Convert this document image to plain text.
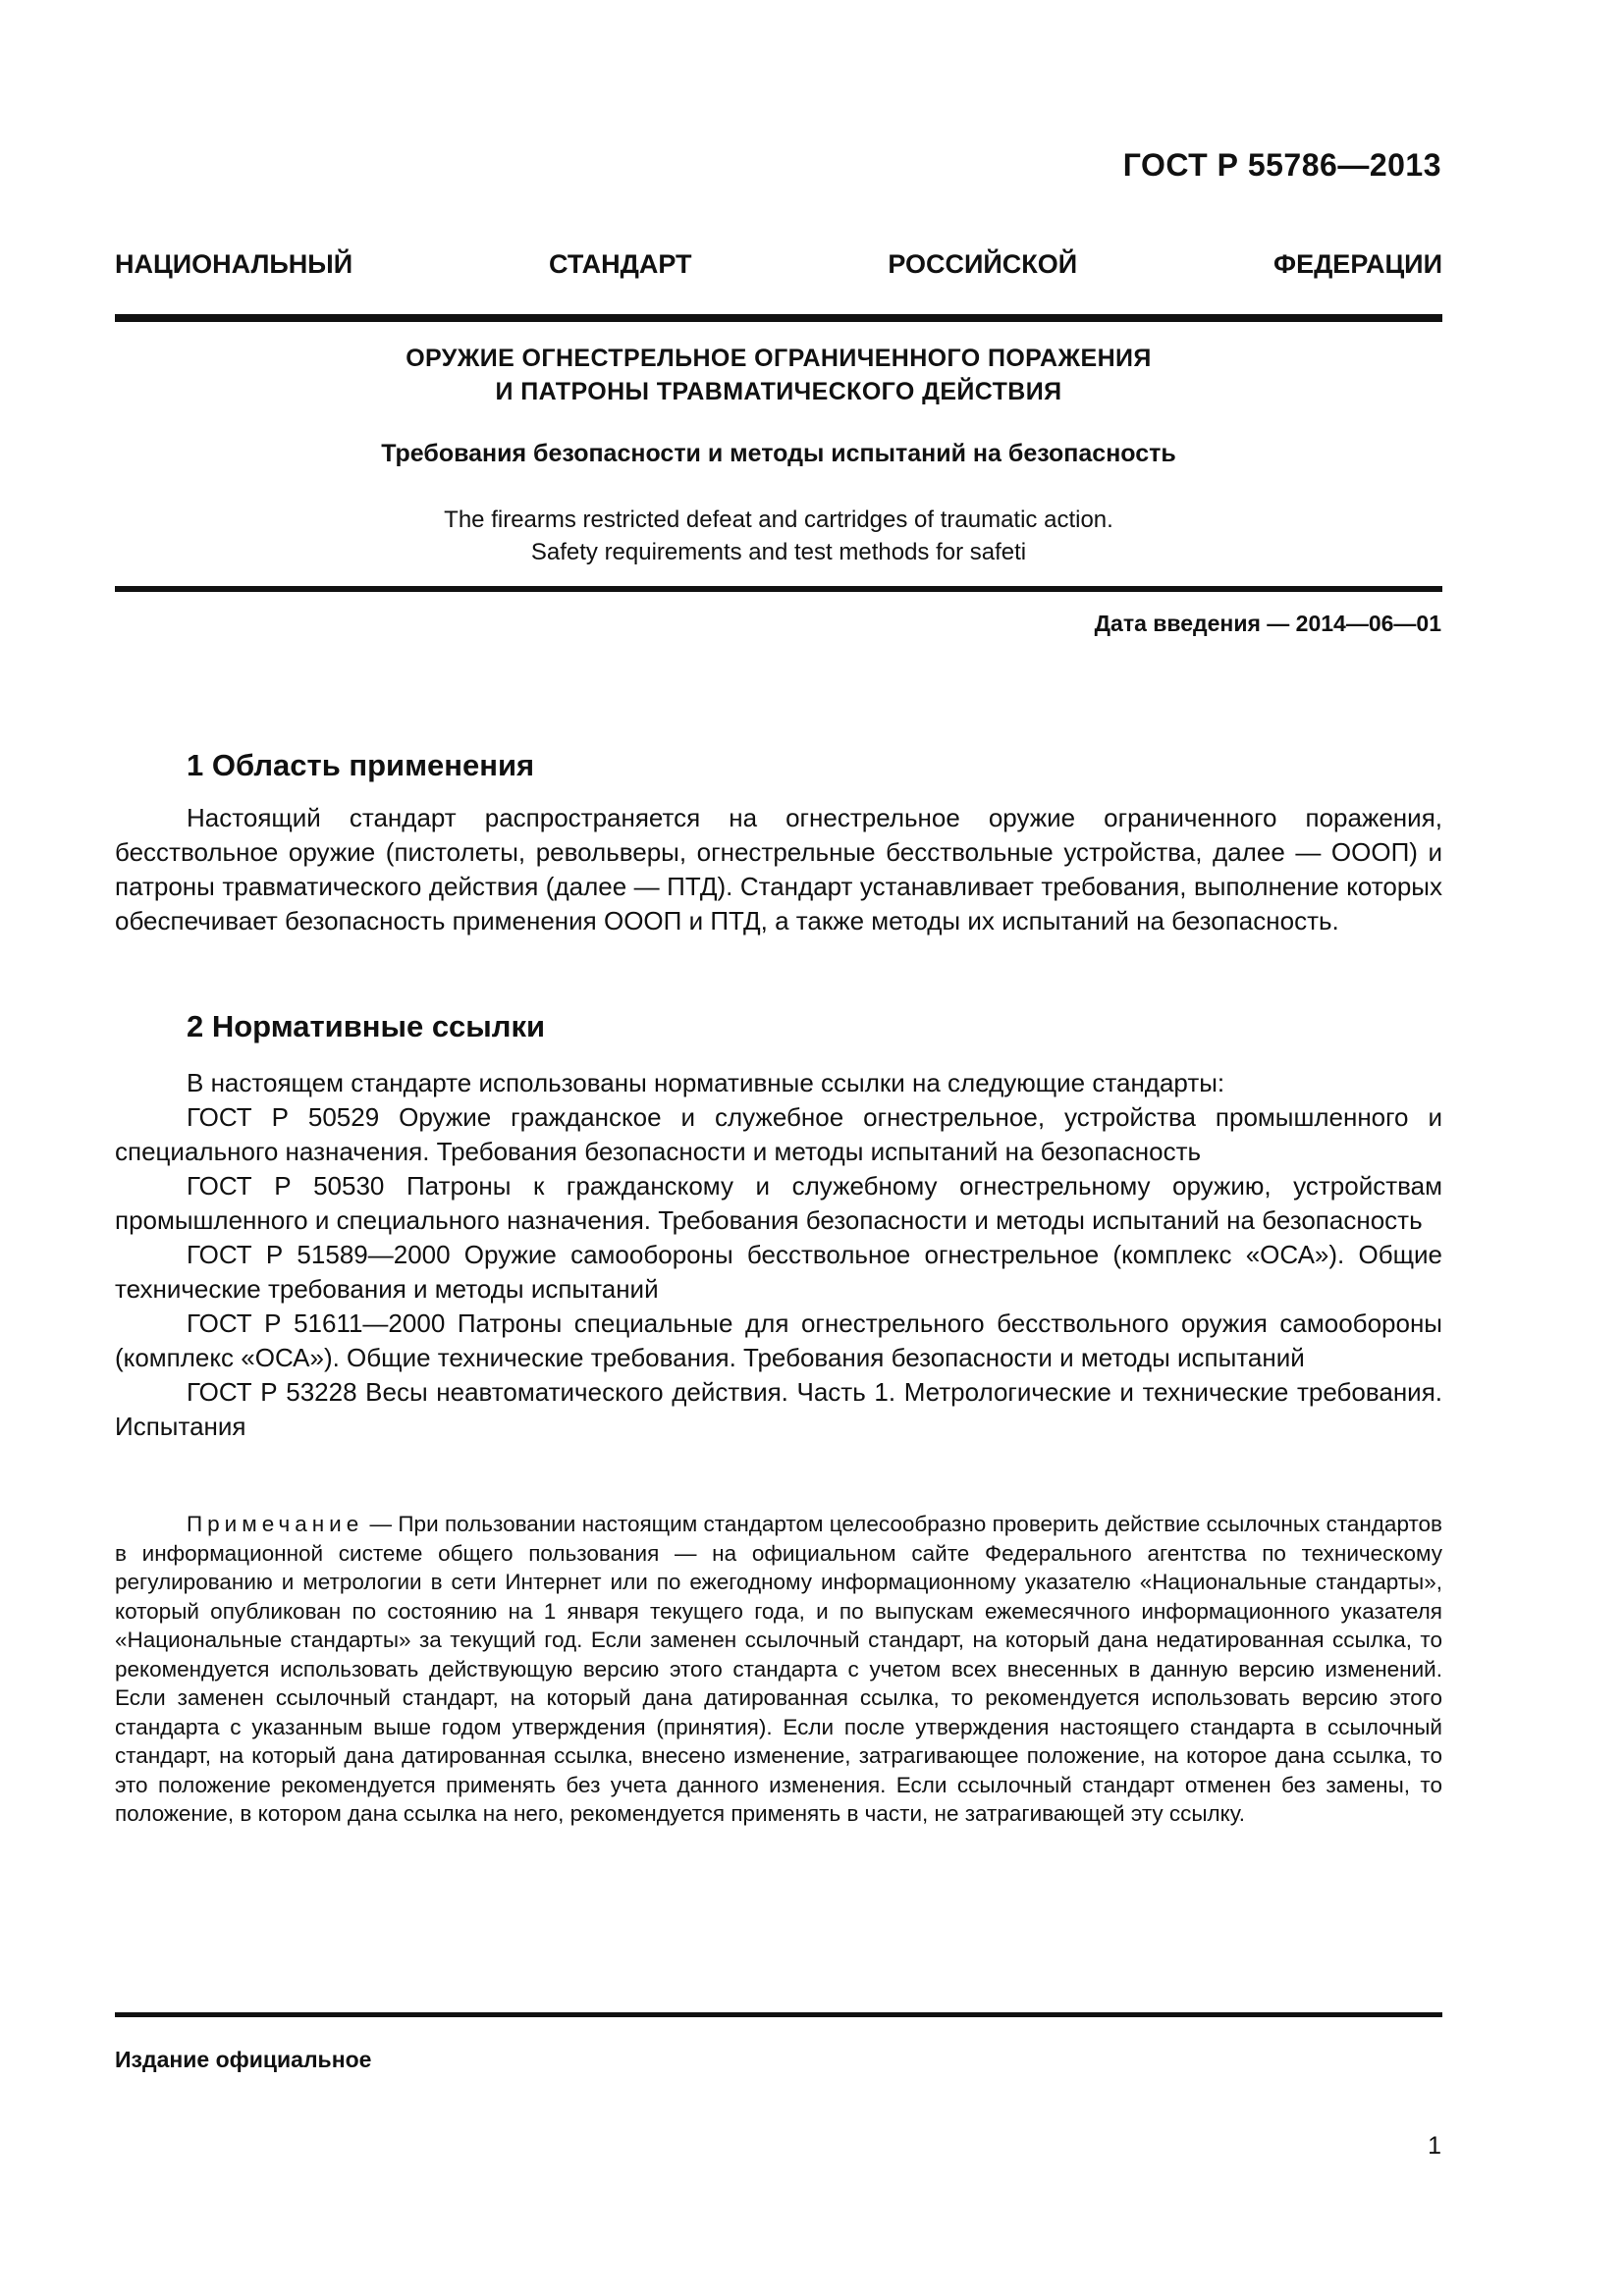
ГОСТ Р 55786—2013
НАЦИОНАЛЬНЫЙ СТАНДАРТ РОССИЙСКОЙ ФЕДЕРАЦИИ
ОРУЖИЕ ОГНЕСТРЕЛЬНОЕ ОГРАНИЧЕННОГО ПОРАЖЕНИЯ
И ПАТРОНЫ ТРАВМАТИЧЕСКОГО ДЕЙСТВИЯ
Требования безопасности и методы испытаний на безопасность
The firearms restricted defeat and cartridges of traumatic action.
Safety requirements and test methods for safeti
Дата введения — 2014—06—01
1 Область применения

Настоящий стандарт распространяется на огнестрельное оружие ограниченного поражения, бесствольное оружие (пистолеты, револьверы, огнестрельные бесствольные устройства, далее — ОООП) и патроны травматического действия (далее — ПТД). Стандарт устанавливает требования, выполнение которых обеспечивает безопасность применения ОООП и ПТД, а также методы их испытаний на безопасность.

2 Нормативные ссылки

В настоящем стандарте использованы нормативные ссылки на следующие стандарты:

ГОСТ Р 50529 Оружие гражданское и служебное огнестрельное, устройства промышленного и специального назначения. Требования безопасности и методы испытаний на безопасность

ГОСТ Р 50530 Патроны к гражданскому и служебному огнестрельному оружию, устройствам промышленного и специального назначения. Требования безопасности и методы испытаний на безопасность

ГОСТ Р 51589—2000 Оружие самообороны бесствольное огнестрельное (комплекс «ОСА»). Общие технические требования и методы испытаний

ГОСТ Р 51611—2000 Патроны специальные для огнестрельного бесствольного оружия самообороны (комплекс «ОСА»). Общие технические требования. Требования безопасности и методы испытаний

ГОСТ Р 53228 Весы неавтоматического действия. Часть 1. Метрологические и технические требования. Испытания

Примечание — При пользовании настоящим стандартом целесообразно проверить действие ссылочных стандартов в информационной системе общего пользования — на официальном сайте Федерального агентства по техническому регулированию и метрологии в сети Интернет или по ежегодному информационному указателю «Национальные стандарты», который опубликован по состоянию на 1 января текущего года, и по выпускам ежемесячного информационного указателя «Национальные стандарты» за текущий год. Если заменен ссылочный стандарт, на который дана недатированная ссылка, то рекомендуется использовать действующую версию этого стандарта с учетом всех внесенных в данную версию изменений. Если заменен ссылочный стандарт, на который дана датированная ссылка, то рекомендуется использовать версию этого стандарта с указанным выше годом утверждения (принятия). Если после утверждения настоящего стандарта в ссылочный стандарт, на который дана датированная ссылка, внесено изменение, затрагивающее положение, на которое дана ссылка, то это положение рекомендуется применять без учета данного изменения. Если ссылочный стандарт отменен без замены, то положение, в котором дана ссылка на него, рекомендуется применять в части, не затрагивающей эту ссылку.

Издание официальное
1
